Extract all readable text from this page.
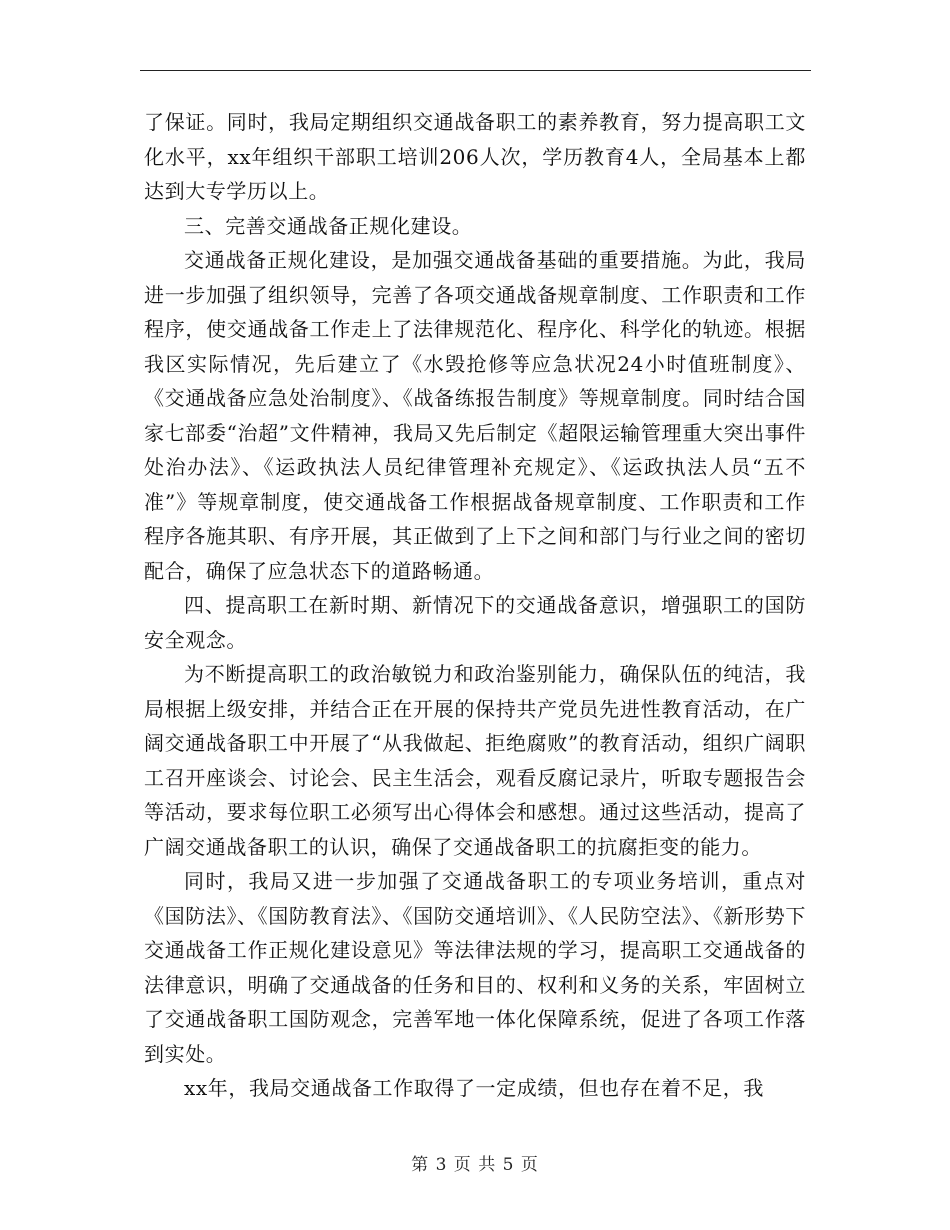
了保证。同时，我局定期组织交通战备职工的素养教育，努力提高职工文化水平，xx年组织干部职工培训206人次，学历教育4人，全局基本上都达到大专学历以上。

三、完善交通战备正规化建设。

交通战备正规化建设，是加强交通战备基础的重要措施。为此，我局进一步加强了组织领导，完善了各项交通战备规章制度、工作职责和工作程序，使交通战备工作走上了法律规范化、程序化、科学化的轨迹。根据我区实际情况，先后建立了《水毁抢修等应急状况24小时值班制度》、《交通战备应急处治制度》、《战备练报告制度》等规章制度。同时结合国家七部委“治超”文件精神，我局又先后制定《超限运输管理重大突出事件处治办法》、《运政执法人员纪律管理补充规定》、《运政执法人员“五不准”》等规章制度，使交通战备工作根据战备规章制度、工作职责和工作程序各施其职、有序开展，其正做到了上下之间和部门与行业之间的密切配合，确保了应急状态下的道路畅通。

四、提高职工在新时期、新情况下的交通战备意识，增强职工的国防安全观念。

为不断提高职工的政治敏锐力和政治鉴别能力，确保队伍的纯洁，我局根据上级安排，并结合正在开展的保持共产党员先进性教育活动，在广阔交通战备职工中开展了“从我做起、拒绝腐败”的教育活动，组织广阔职工召开座谈会、讨论会、民主生活会，观看反腐记录片，听取专题报告会等活动，要求每位职工必须写出心得体会和感想。通过这些活动，提高了广阔交通战备职工的认识，确保了交通战备职工的抗腐拒变的能力。

同时，我局又进一步加强了交通战备职工的专项业务培训，重点对《国防法》、《国防教育法》、《国防交通培训》、《人民防空法》、《新形势下交通战备工作正规化建设意见》等法律法规的学习，提高职工交通战备的法律意识，明确了交通战备的任务和目的、权利和义务的关系，牢固树立了交通战备职工国防观念，完善军地一体化保障系统，促进了各项工作落到实处。

xx年，我局交通战备工作取得了一定成绩，但也存在着不足，我

第 3 页 共 5 页
